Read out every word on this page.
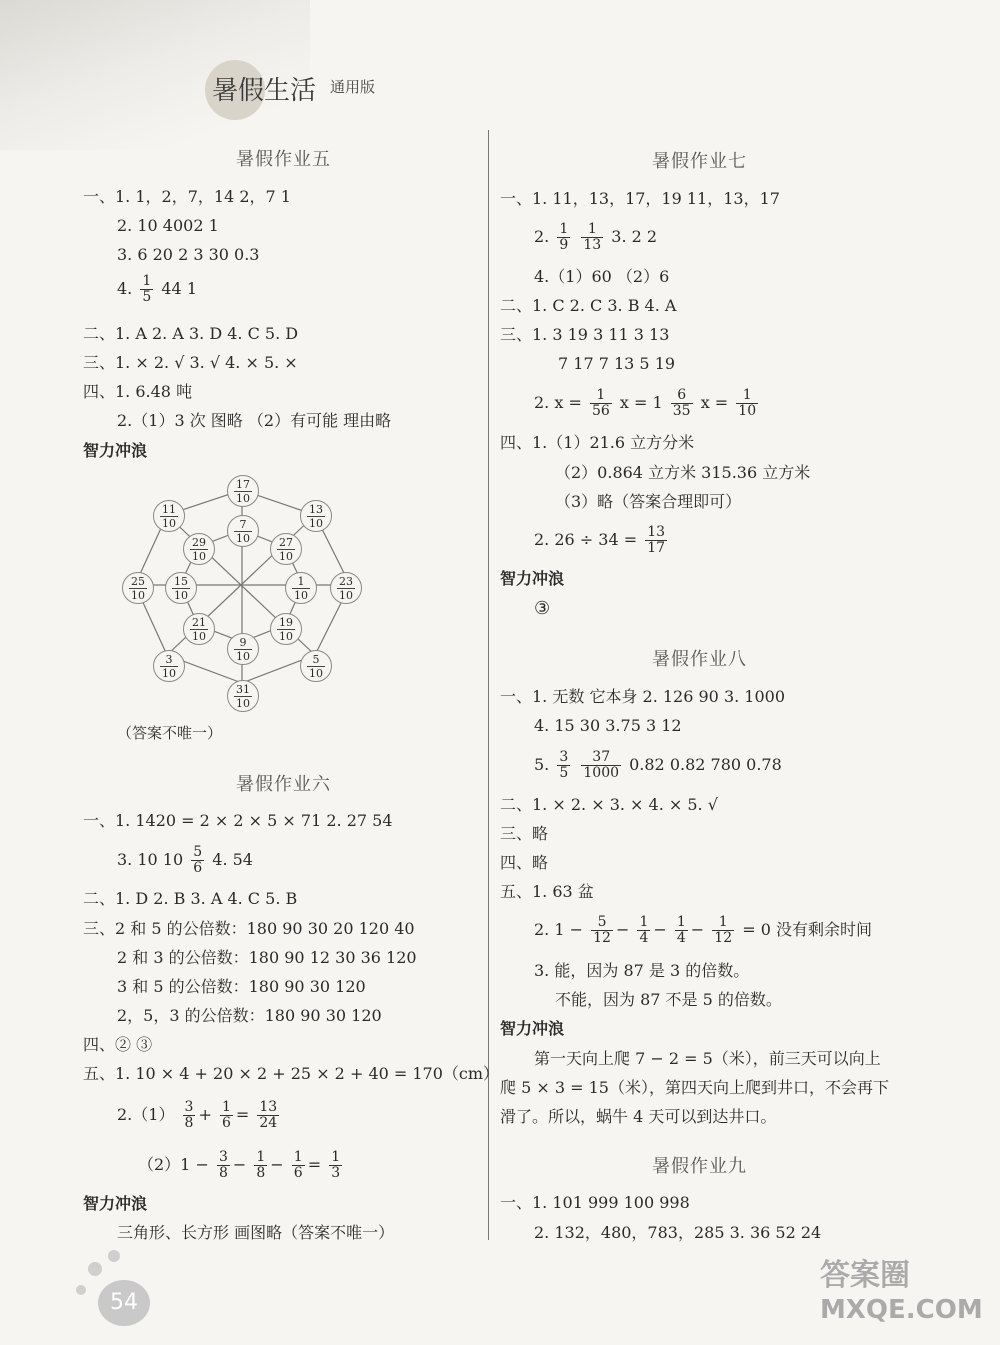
暑假生活 通用版
暑假作业五
一、1. 1，2，7，14 2，7 1
2. 10 4002 1
3. 6 20 2 3 30 0.3
4. $\frac{1}{5} 44$ 1
二、1. A 2. A 3. D 4. C 5. D
三、1. × 2. √ 3. √ 4. × 5. ×
四、1. 6.48 吨
2.（1）3 次 图略 （2）有可能 理由略
智力冲浪
17
10
13
10
23
10
5
10
31
10
3
10
25
10
11
10	7
10	27
10
1
10
19
10
9
10
21
10
15
10
29
10
（答案不唯一）
暑假作业六
一、1. 1420 = 2 × 2 × 5 × 71 2. 27 54
3. 10 $10 \frac{5}{6} 4$. 54
二、1. D 2. B 3. A 4. C 5. B
三、2 和 5 的公倍数：180 90 30 20 120 40
2 和 3 的公倍数：180 90 12 30 36 120
3 和 5 的公倍数：180 90 30 120
2，5，3 的公倍数：180 90 30 120
四、② ③
五、1. 10 × 4 + 20 × 2 + 25 × 2 + 40 = 170（cm）
$2.(1) \frac{3}{8} + \frac{1}{6} = \frac{13}{24}$
$(2)1 - \frac{3}{8} - \frac{1}{8} - \frac{1}{6} = \frac{1}{3}$
智力冲浪
三角形、长方形 画图略（答案不唯一）
54
暑假作业七
一、1. 11，13，17，19 11，13，17
2. $\frac{1}{9}$
$\frac{1}{13} 3$. 2 2
4.（1）60 （2）6
二、1. C 2. C 3. B 4. A
三、1. 3 19 3 11 3 13
7 17 7 13 5 19
2. $x = \frac{1}{56}$ $x = 1 \frac{6}{35}$ $x = \frac{1}{10}$
四、1.（1）21.6 立方分米
（2）0.864 立方米 315.36 立方米
（3）略（答案合理即可）
2. $26 \div 34 = \frac{13}{17}$
智力冲浪
③
暑假作业八
一、1. 无数 它本身 2. 126 90 3. 1000
4. 15 30 3.75 3 12
5. $\frac{3}{5}$
$\frac{37}{1000} 0.82$ 0.82 780 0.78
二、1. × 2. × 3. × 4. × 5. √
三、略
四、略
五、1. 63 盆
2. $1 - \frac{5}{12} - \frac{1}{4} - \frac{1}{4} - \frac{1}{12} = 0$ 没有剩余时间
3. 能，因为 87 是 3 的倍数。
不能，因为 87 不是 5 的倍数。
智力冲浪
第一天向上爬 7 − 2 = 5（米），前三天可以向上
爬 5 × 3 = 15（米），第四天向上爬到井口，不会再下
滑了。所以，蜗牛 4 天可以到达井口。
暑假作业九
一、1. 101 999 100 998
2. 132，480，783，285 3. 36 52 24
答案圈
MXQE.COM
